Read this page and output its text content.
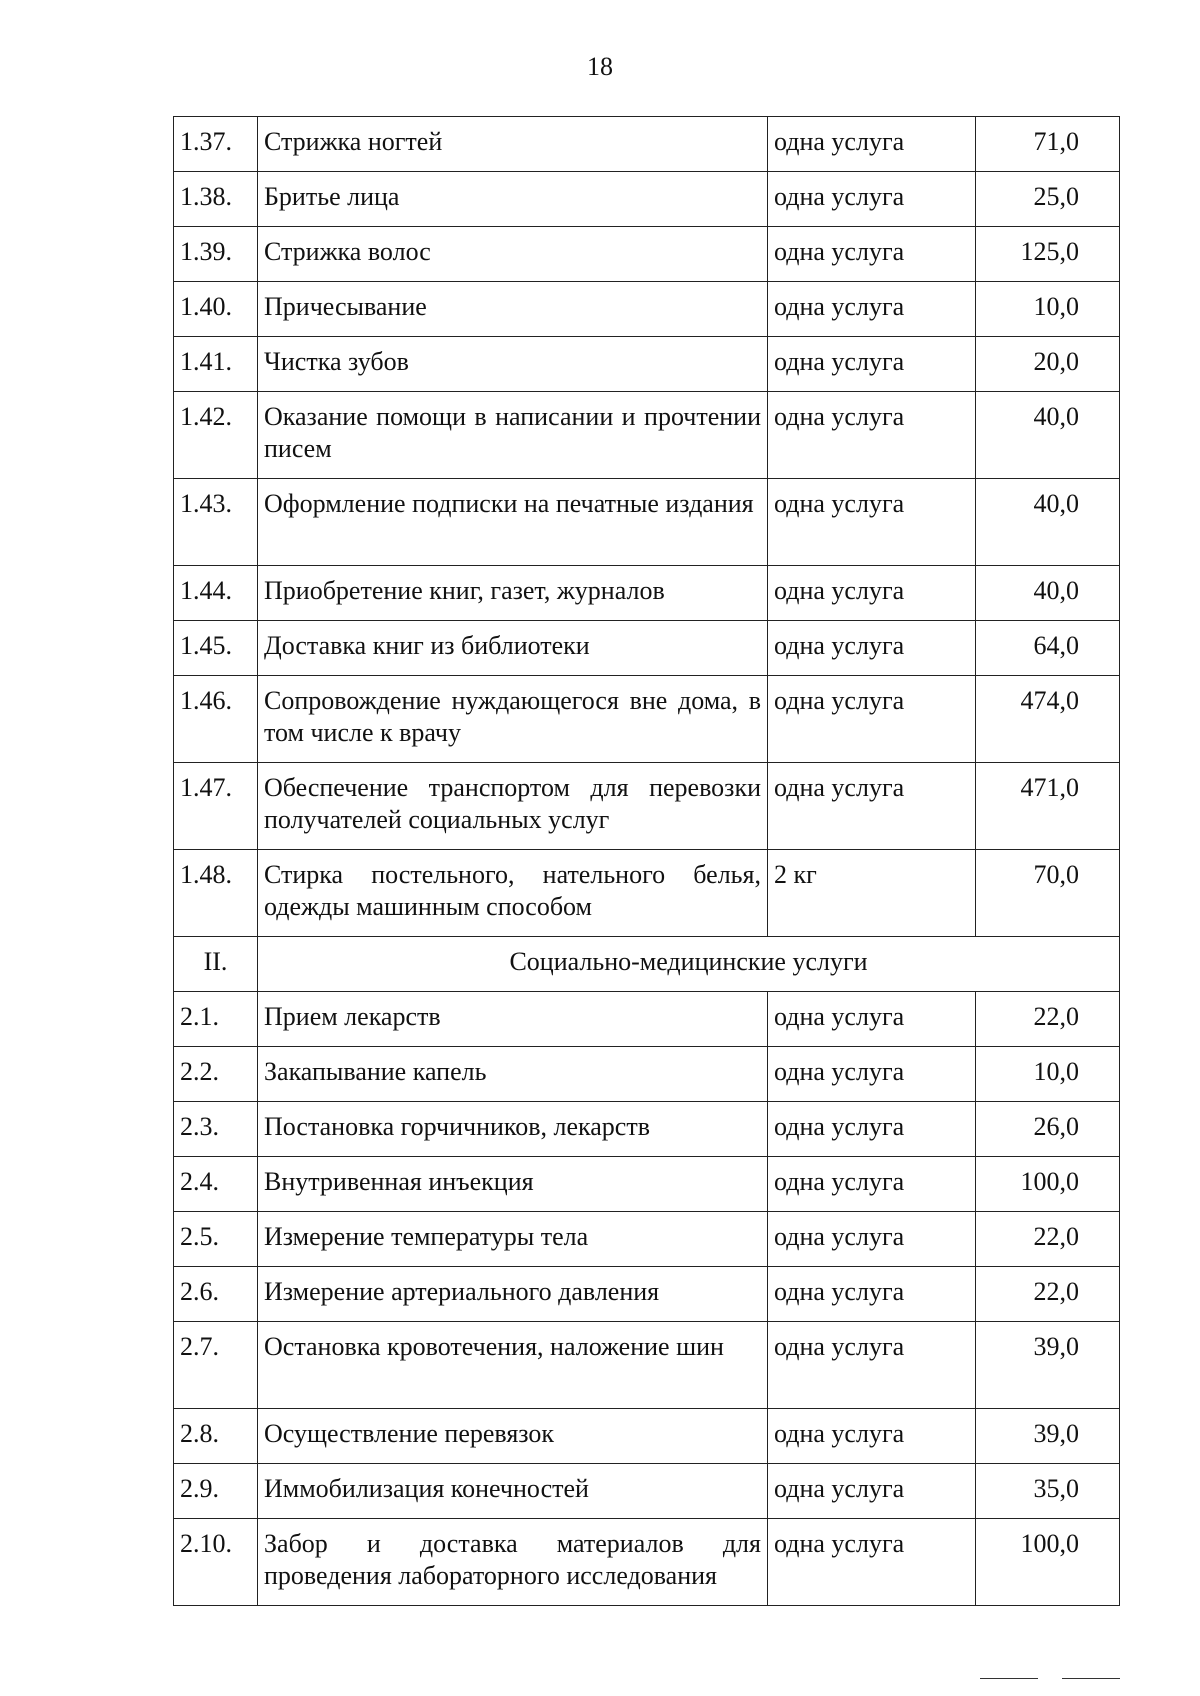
18
1.37.	Стрижка ногтей	одна услуга	71,0
1.38.	Бритье лица	одна услуга	25,0
1.39.	Стрижка волос	одна услуга	125,0
1.40.	Причесывание	одна услуга	10,0
1.41.	Чистка зубов	одна услуга	20,0
1.42.	Оказание помощи в написании и прочтении писем	одна услуга	40,0
1.43.	Оформление подписки на печатные издания	одна услуга	40,0
1.44.	Приобретение книг, газет, журналов	одна услуга	40,0
1.45.	Доставка книг из библиотеки	одна услуга	64,0
1.46.	Сопровождение нуждающегося вне дома, в том числе к врачу	одна услуга	474,0
1.47.	Обеспечение транспортом для перевозки получателей социальных услуг	одна услуга	471,0
1.48.	Стирка постельного, нательного белья, одежды машинным способом	2 кг	70,0
II.	Социально-медицинские услуги		
2.1.	Прием лекарств	одна услуга	22,0
2.2.	Закапывание капель	одна услуга	10,0
2.3.	Постановка горчичников, лекарств	одна услуга	26,0
2.4.	Внутривенная инъекция	одна услуга	100,0
2.5.	Измерение температуры тела	одна услуга	22,0
2.6.	Измерение артериального давления	одна услуга	22,0
2.7.	Остановка кровотечения, наложение шин	одна услуга	39,0
2.8.	Осуществление перевязок	одна услуга	39,0
2.9.	Иммобилизация конечностей	одна услуга	35,0
2.10.	Забор и доставка материалов для проведения лабораторного исследования	одна услуга	100,0
